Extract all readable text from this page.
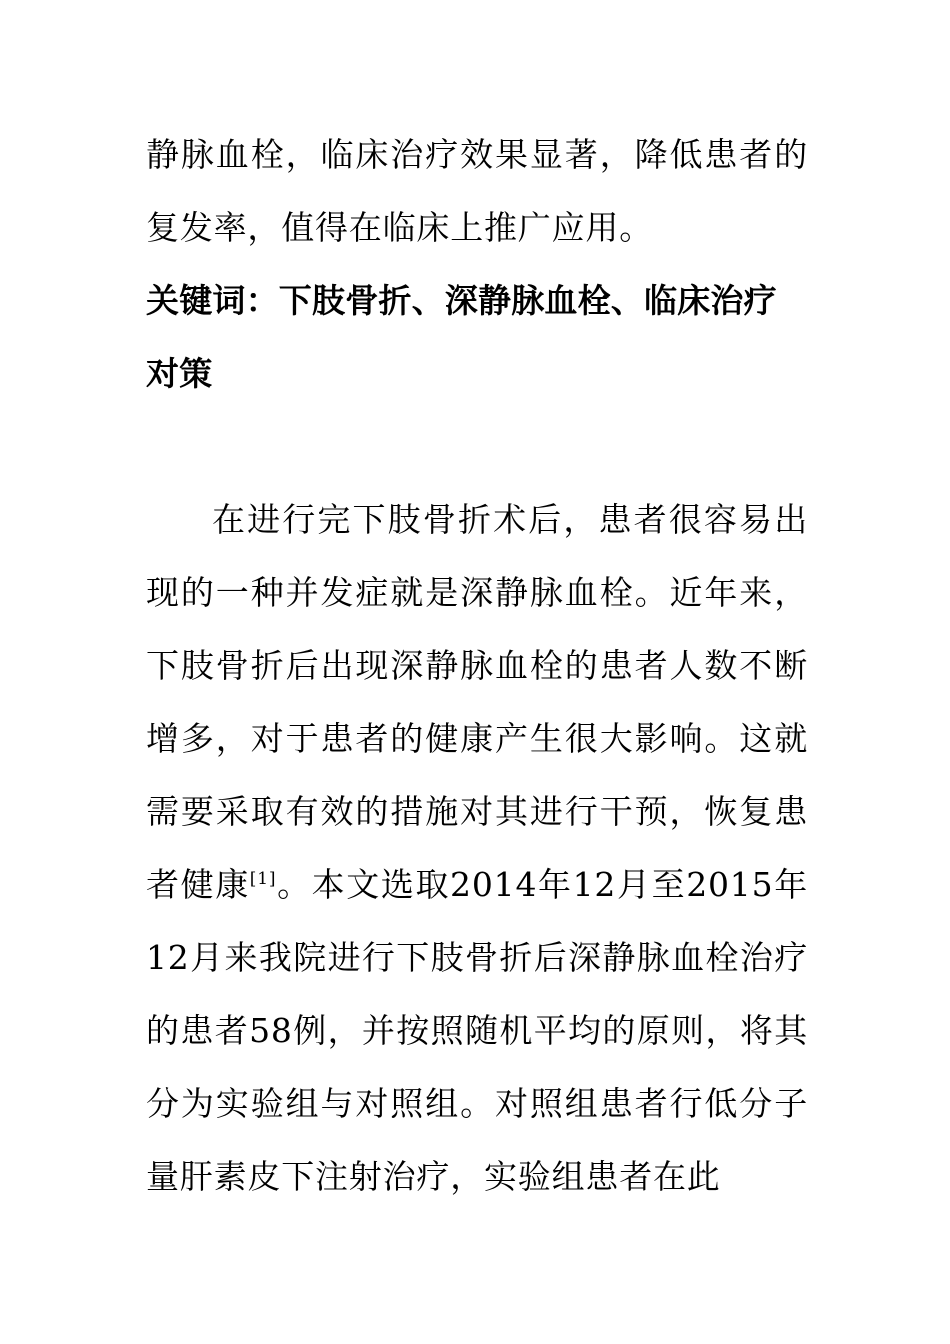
静脉血栓，临床治疗效果显著，降低患者的复发率，值得在临床上推广应用。

关键词：下肢骨折、深静脉血栓、临床治疗对策

在进行完下肢骨折术后，患者很容易出现的一种并发症就是深静脉血栓。近年来，下肢骨折后出现深静脉血栓的患者人数不断增多，对于患者的健康产生很大影响。这就需要采取有效的措施对其进行干预，恢复患者健康[1]。本文选取2014年12月至2015年12月来我院进行下肢骨折后深静脉血栓治疗的患者58例，并按照随机平均的原则，将其分为实验组与对照组。对照组患者行低分子量肝素皮下注射治疗，实验组患者在此
